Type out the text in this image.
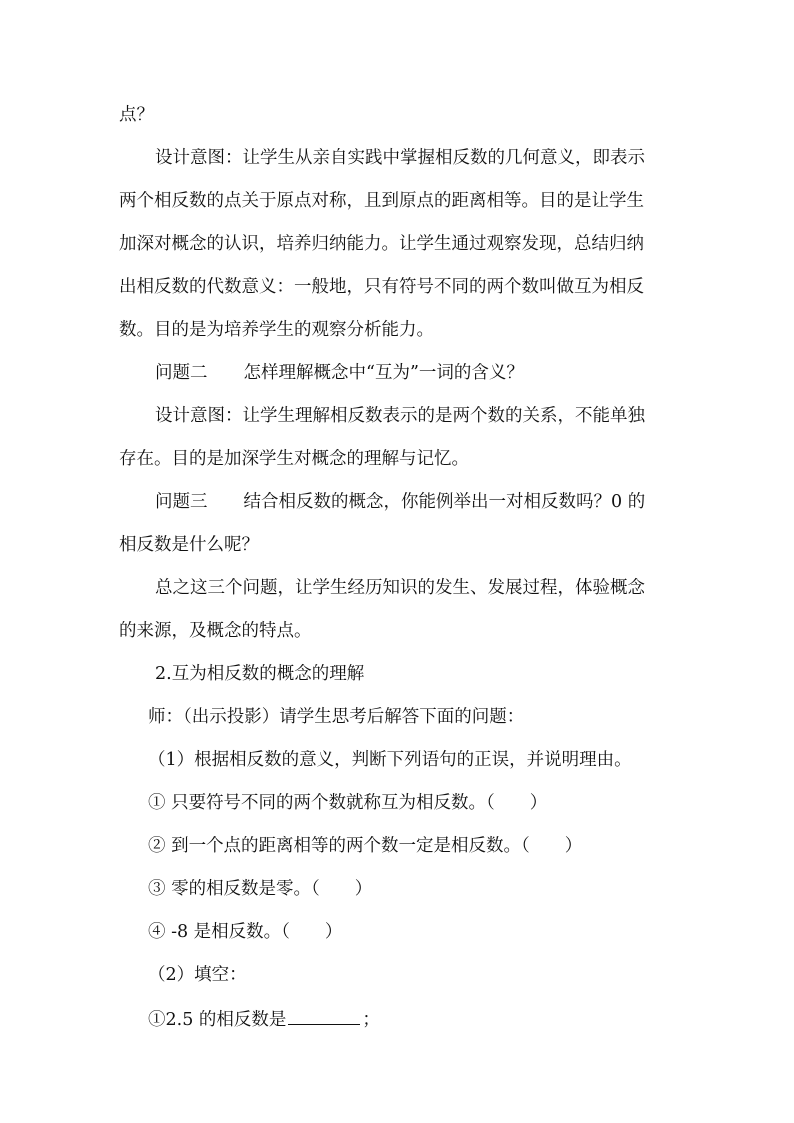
点？
设计意图：让学生从亲自实践中掌握相反数的几何意义，即表示
两个相反数的点关于原点对称，且到原点的距离相等。目的是让学生
加深对概念的认识，培养归纳能力。让学生通过观察发现，总结归纳
出相反数的代数意义：一般地，只有符号不同的两个数叫做互为相反
数。目的是为培养学生的观察分析能力。
问题二 怎样理解概念中“互为”一词的含义？
设计意图：让学生理解相反数表示的是两个数的关系，不能单独
存在。目的是加深学生对概念的理解与记忆。
问题三 结合相反数的概念，你能例举出一对相反数吗？0 的
相反数是什么呢？
总之这三个问题，让学生经历知识的发生、发展过程，体验概念
的来源，及概念的特点。
2.互为相反数的概念的理解
师：（出示投影）请学生思考后解答下面的问题：
（1）根据相反数的意义，判断下列语句的正误，并说明理由。
① 只要符号不同的两个数就称互为相反数。（　　）
② 到一个点的距离相等的两个数一定是相反数。（　　）
③ 零的相反数是零。（　　）
④ -8 是相反数。（　　）
（2）填空：
①2.5 的相反数是	；
